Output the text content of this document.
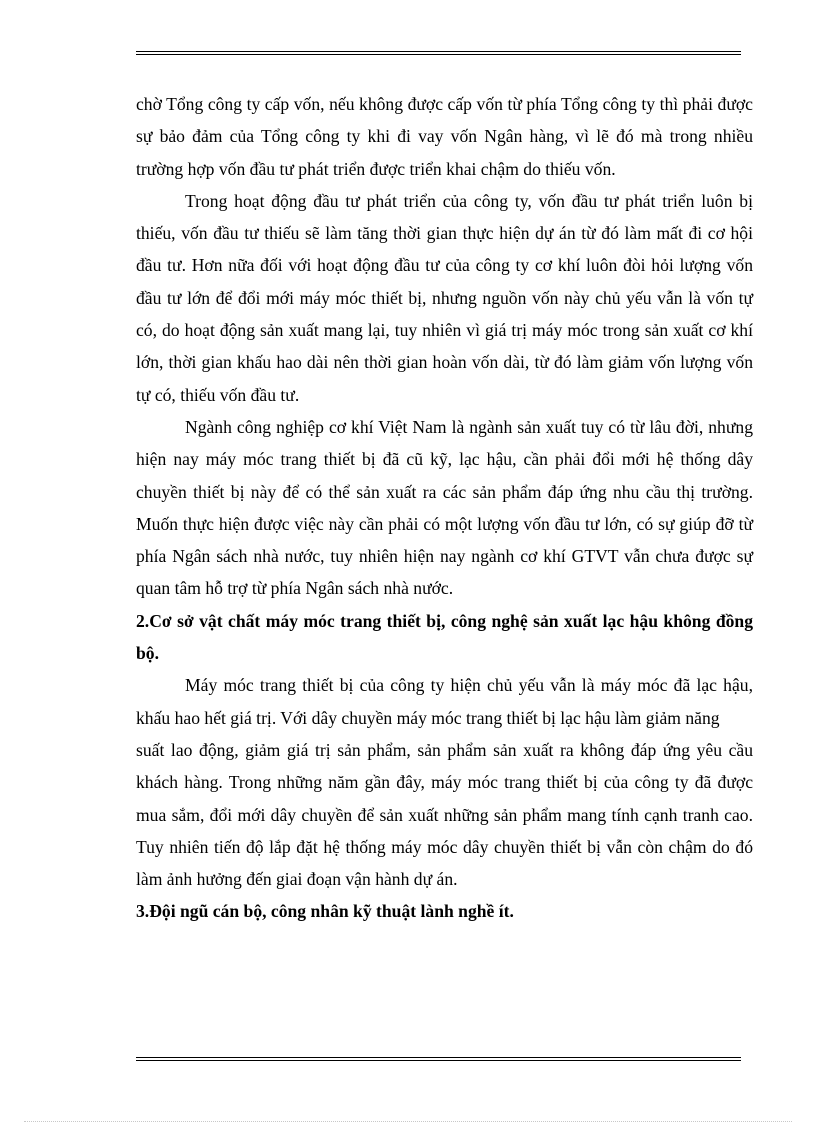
chờ Tổng công ty cấp vốn, nếu không được cấp vốn từ phía Tổng công ty thì phải được sự bảo đảm của Tổng công ty khi đi vay vốn Ngân hàng, vì lẽ đó mà trong nhiều trường hợp vốn đầu tư phát triển được triển khai chậm do thiếu vốn.

Trong hoạt động đầu tư phát triển của công ty, vốn đầu tư phát triển luôn bị thiếu, vốn đầu tư thiếu sẽ làm tăng thời gian thực hiện dự án từ đó làm mất đi cơ hội đầu tư. Hơn nữa đối với hoạt động đầu tư của công ty cơ khí luôn đòi hỏi lượng vốn đầu tư lớn để đổi mới máy móc thiết bị, nhưng nguồn vốn này chủ yếu vẫn là vốn tự có, do hoạt động sản xuất mang lại, tuy nhiên vì giá trị máy móc trong sản xuất cơ khí lớn, thời gian khấu hao dài nên thời gian hoàn vốn dài, từ đó làm giảm vốn lượng vốn tự có, thiếu vốn đầu tư.

Ngành công nghiệp cơ khí Việt Nam là ngành sản xuất tuy có từ lâu đời, nhưng hiện nay máy móc trang thiết bị đã cũ kỹ, lạc hậu, cần phải đổi mới hệ thống dây chuyền thiết bị này để có thể sản xuất ra các sản phẩm đáp ứng nhu cầu thị trường. Muốn thực hiện được việc này cần phải có một lượng vốn đầu tư lớn, có sự giúp đỡ từ phía Ngân sách nhà nước, tuy nhiên hiện nay ngành cơ khí GTVT vẫn chưa được sự quan tâm hỗ trợ từ phía Ngân sách nhà nước.

2.Cơ sở vật chất máy móc trang thiết bị, công nghệ sản xuất lạc hậu không đồng bộ.

Máy móc trang thiết bị của công ty hiện chủ yếu vẫn là máy móc đã lạc hậu, khấu hao hết giá trị. Với dây chuyền máy móc trang thiết bị lạc hậu làm giảm năng

suất lao động, giảm giá trị sản phẩm, sản phẩm sản xuất ra không đáp ứng yêu cầu khách hàng. Trong những năm gần đây, máy móc trang thiết bị của công ty đã được mua sắm, đổi mới dây chuyền để sản xuất những sản phẩm mang tính cạnh tranh cao. Tuy nhiên tiến độ lắp đặt hệ thống máy móc dây chuyền thiết bị vẫn còn chậm do đó làm ảnh hưởng đến giai đoạn vận hành dự án.

3.Đội ngũ cán bộ, công nhân kỹ thuật lành nghề ít.
